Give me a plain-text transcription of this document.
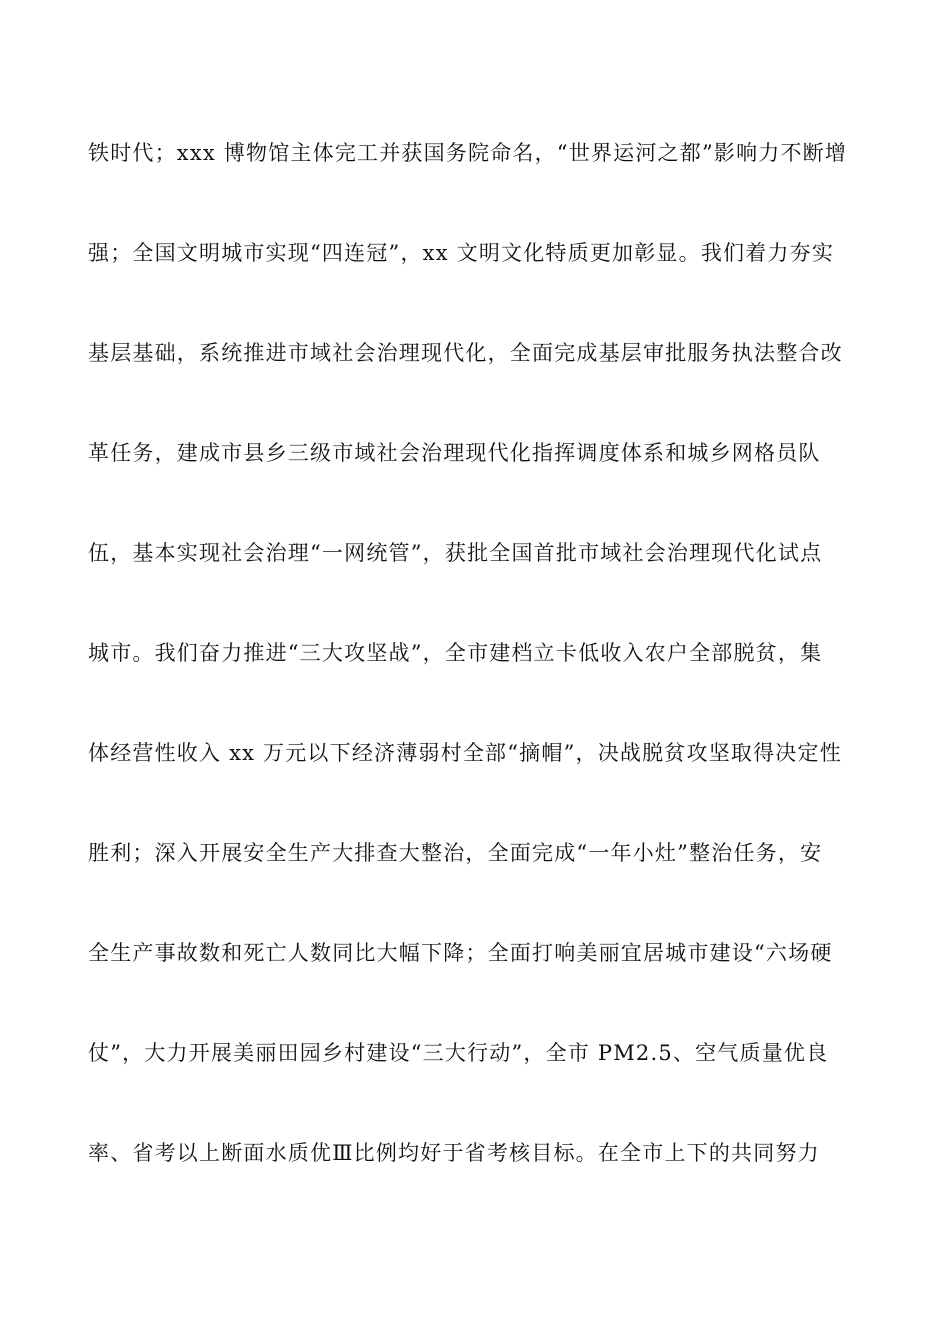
铁时代；xxx 博物馆主体完工并获国务院命名，“世界运河之都”影响力不断增
强；全国文明城市实现“四连冠”，xx 文明文化特质更加彰显。我们着力夯实
基层基础，系统推进市域社会治理现代化，全面完成基层审批服务执法整合改
革任务，建成市县乡三级市域社会治理现代化指挥调度体系和城乡网格员队
伍，基本实现社会治理“一网统管”，获批全国首批市域社会治理现代化试点
城市。我们奋力推进“三大攻坚战”，全市建档立卡低收入农户全部脱贫，集
体经营性收入 xx 万元以下经济薄弱村全部“摘帽”，决战脱贫攻坚取得决定性
胜利；深入开展安全生产大排查大整治，全面完成“一年小灶”整治任务，安
全生产事故数和死亡人数同比大幅下降；全面打响美丽宜居城市建设“六场硬
仗”，大力开展美丽田园乡村建设“三大行动”，全市 PM2.5、空气质量优良
率、省考以上断面水质优Ⅲ比例均好于省考核目标。在全市上下的共同努力
